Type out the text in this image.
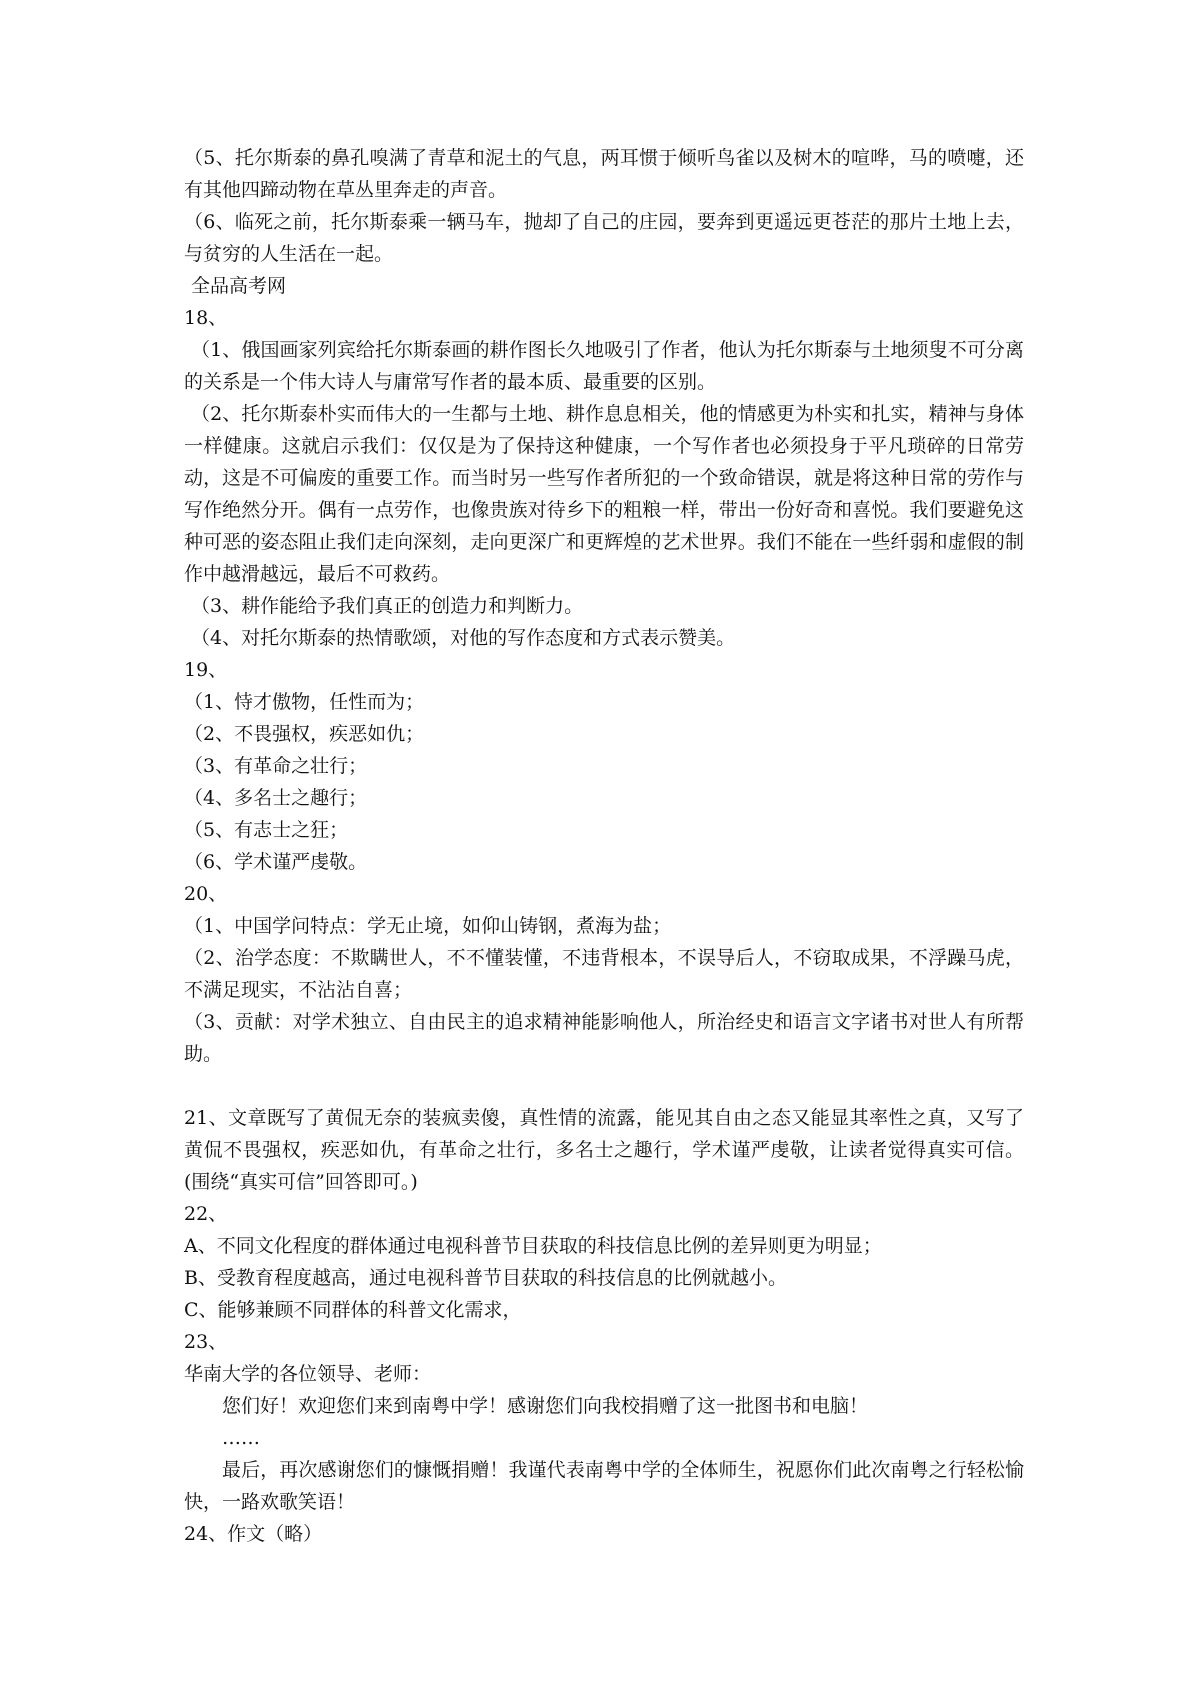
（5、托尔斯泰的鼻孔嗅满了青草和泥土的气息，两耳惯于倾听鸟雀以及树木的喧哗，马的喷嚏，还有其他四蹄动物在草丛里奔走的声音。

（6、临死之前，托尔斯泰乘一辆马车，抛却了自己的庄园，要奔到更遥远更苍茫的那片土地上去，与贫穷的人生活在一起。

全品高考网

18、

（1、俄国画家列宾给托尔斯泰画的耕作图长久地吸引了作者，他认为托尔斯泰与土地须叟不可分离的关系是一个伟大诗人与庸常写作者的最本质、最重要的区别。

（2、托尔斯泰朴实而伟大的一生都与土地、耕作息息相关，他的情感更为朴实和扎实，精神与身体一样健康。这就启示我们：仅仅是为了保持这种健康，一个写作者也必须投身于平凡琐碎的日常劳动，这是不可偏废的重要工作。而当时另一些写作者所犯的一个致命错误，就是将这种日常的劳作与写作绝然分开。偶有一点劳作，也像贵族对待乡下的粗粮一样，带出一份好奇和喜悦。我们要避免这种可恶的姿态阻止我们走向深刻，走向更深广和更辉煌的艺术世界。我们不能在一些纤弱和虚假的制作中越滑越远，最后不可救药。

（3、耕作能给予我们真正的创造力和判断力。

（4、对托尔斯泰的热情歌颂，对他的写作态度和方式表示赞美。

19、

（1、恃才傲物，任性而为；

（2、不畏强权，疾恶如仇；

（3、有革命之壮行；

（4、多名士之趣行；

（5、有志士之狂；

（6、学术谨严虔敬。

20、

（1、中国学问特点：学无止境，如仰山铸钢，煮海为盐；

（2、治学态度：不欺瞒世人，不不懂装懂，不违背根本，不误导后人，不窃取成果，不浮躁马虎，不满足现实，不沾沾自喜；

（3、贡献：对学术独立、自由民主的追求精神能影响他人，所治经史和语言文字诸书对世人有所帮助。

21、文章既写了黄侃无奈的装疯卖傻，真性情的流露，能见其自由之态又能显其率性之真，又写了黄侃不畏强权，疾恶如仇，有革命之壮行，多名士之趣行，学术谨严虔敬，让读者觉得真实可信。(围绕“真实可信”回答即可。)

22、

A、不同文化程度的群体通过电视科普节目获取的科技信息比例的差异则更为明显；

B、受教育程度越高，通过电视科普节目获取的科技信息的比例就越小。

C、能够兼顾不同群体的科普文化需求，

23、

华南大学的各位领导、老师：

您们好！欢迎您们来到南粤中学！感谢您们向我校捐赠了这一批图书和电脑！

……

最后，再次感谢您们的慷慨捐赠！我谨代表南粤中学的全体师生，祝愿你们此次南粤之行轻松愉快，一路欢歌笑语！

24、作文（略）
